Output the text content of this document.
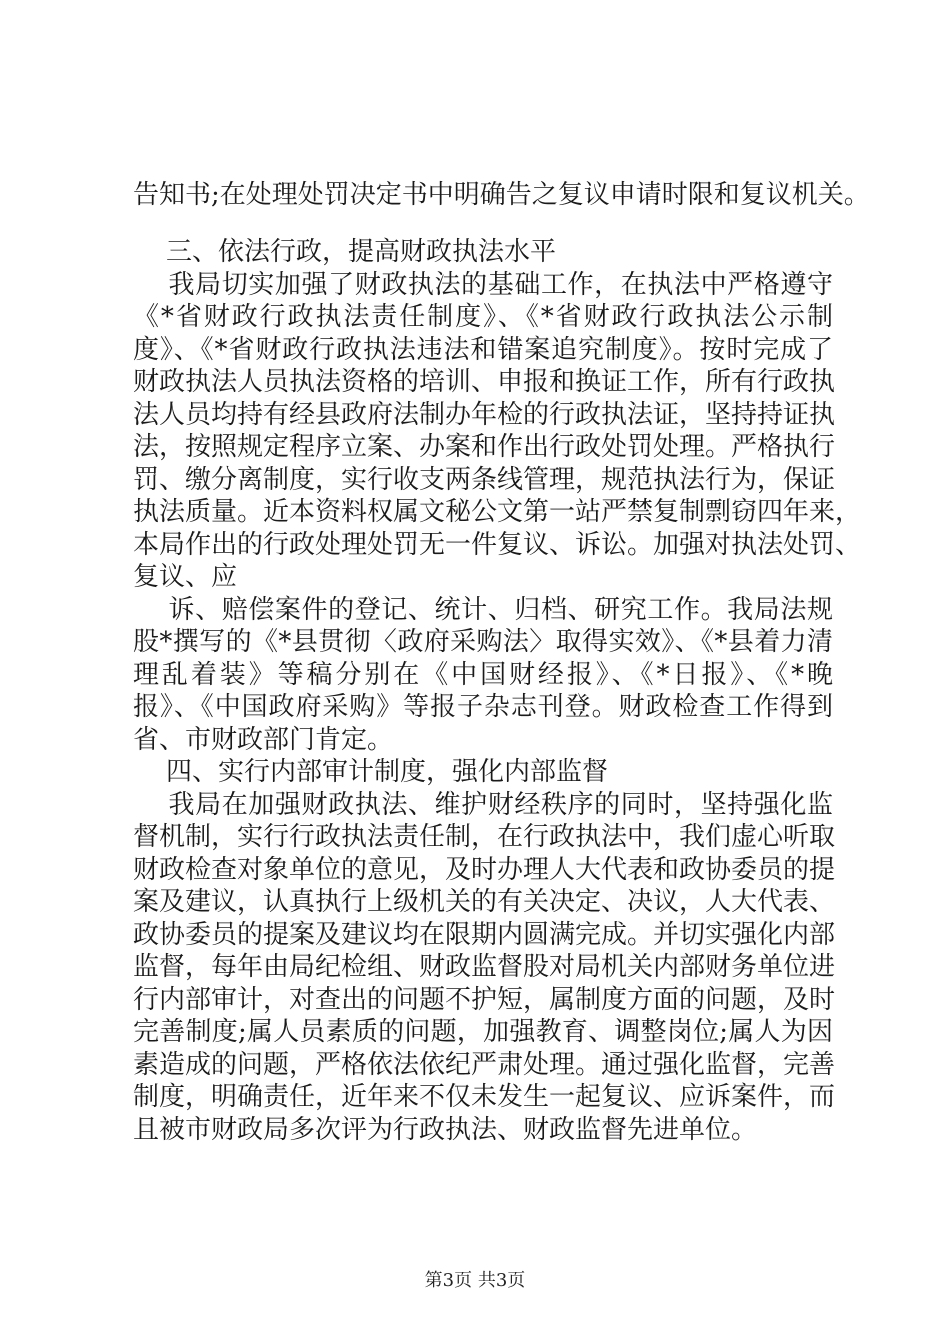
告知书;在处理处罚决定书中明确告之复议申请时限和复议机关。
三、依法行政，提高财政执法水平
我局切实加强了财政执法的基础工作，在执法中严格遵守
《*省财政行政执法责任制度》、《*省财政行政执法公示制
度》、《*省财政行政执法违法和错案追究制度》。按时完成了
财政执法人员执法资格的培训、申报和换证工作，所有行政执
法人员均持有经县政府法制办年检的行政执法证，坚持持证执
法，按照规定程序立案、办案和作出行政处罚处理。严格执行
罚、缴分离制度，实行收支两条线管理，规范执法行为，保证
执法质量。近本资料权属文秘公文第一站严禁复制剽窃四年来，
本局作出的行政处理处罚无一件复议、诉讼。加强对执法处罚、
复议、应
诉、赔偿案件的登记、统计、归档、研究工作。我局法规
股*撰写的《*县贯彻〈政府采购法〉取得实效》、《*县着力清
理乱着装》等稿分别在《中国财经报》、《*日报》、《*晚
报》、《中国政府采购》等报子杂志刊登。财政检查工作得到
省、市财政部门肯定。
四、实行内部审计制度，强化内部监督
我局在加强财政执法、维护财经秩序的同时，坚持强化监
督机制，实行行政执法责任制，在行政执法中，我们虚心听取
财政检查对象单位的意见，及时办理人大代表和政协委员的提
案及建议，认真执行上级机关的有关决定、决议，人大代表、
政协委员的提案及建议均在限期内圆满完成。并切实强化内部
监督，每年由局纪检组、财政监督股对局机关内部财务单位进
行内部审计，对查出的问题不护短，属制度方面的问题，及时
完善制度;属人员素质的问题，加强教育、调整岗位;属人为因
素造成的问题，严格依法依纪严肃处理。通过强化监督，完善
制度，明确责任，近年来不仅未发生一起复议、应诉案件，而
且被市财政局多次评为行政执法、财政监督先进单位。
第3页 共3页
